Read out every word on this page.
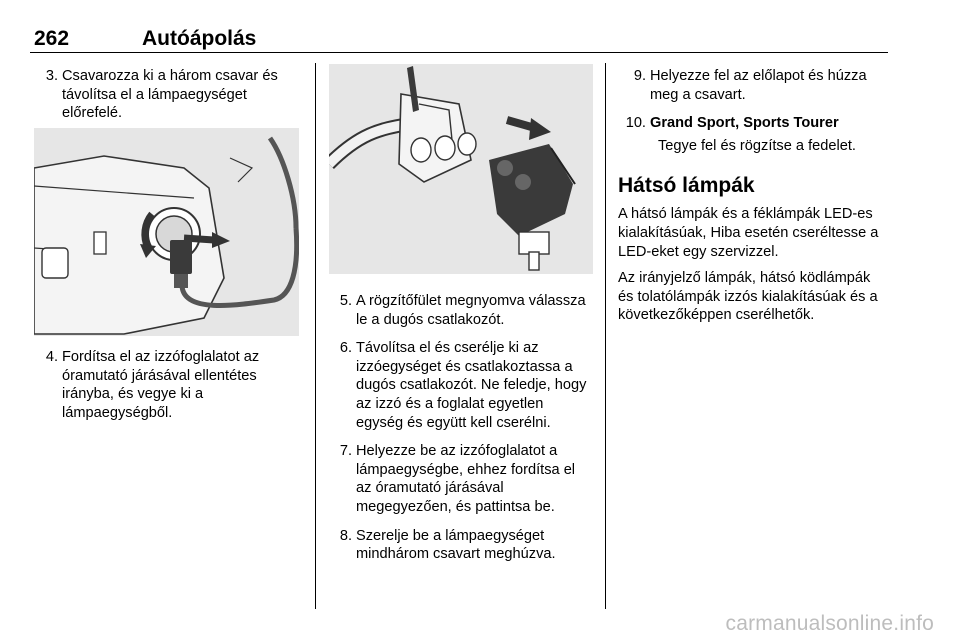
262	Autóápolás
3. Csavarozza ki a három csavar és távolítsa el a lámpaegységet előrefelé.
4. Fordítsa el az izzófoglalatot az óramutató járásával ellentétes irányba, és vegye ki a lámpaegységből.
5. A rögzítőfület megnyomva válassza le a dugós csatlakozót.
6. Távolítsa el és cserélje ki az izzóegységet és csatlakoztassa a dugós csatlakozót. Ne feledje, hogy az izzó és a foglalat egyetlen egység és együtt kell cserélni.
7. Helyezze be az izzófoglalatot a lámpaegységbe, ehhez fordítsa el az óramutató járásával megegyezően, és pattintsa be.
8. Szerelje be a lámpaegységet mindhárom csavart meghúzva.
9. Helyezze fel az előlapot és húzza meg a csavart.
10. Grand Sport, Sports Tourer
Tegye fel és rögzítse a fedelet.
Hátsó lámpák

A hátsó lámpák és a féklámpák LED-es kialakításúak, Hiba esetén cseréltesse a LED-eket egy szervizzel.

Az irányjelző lámpák, hátsó ködlámpák és tolatólámpák izzós kialakításúak és a következőképpen cserélhetők.

carmanualsonline.info
